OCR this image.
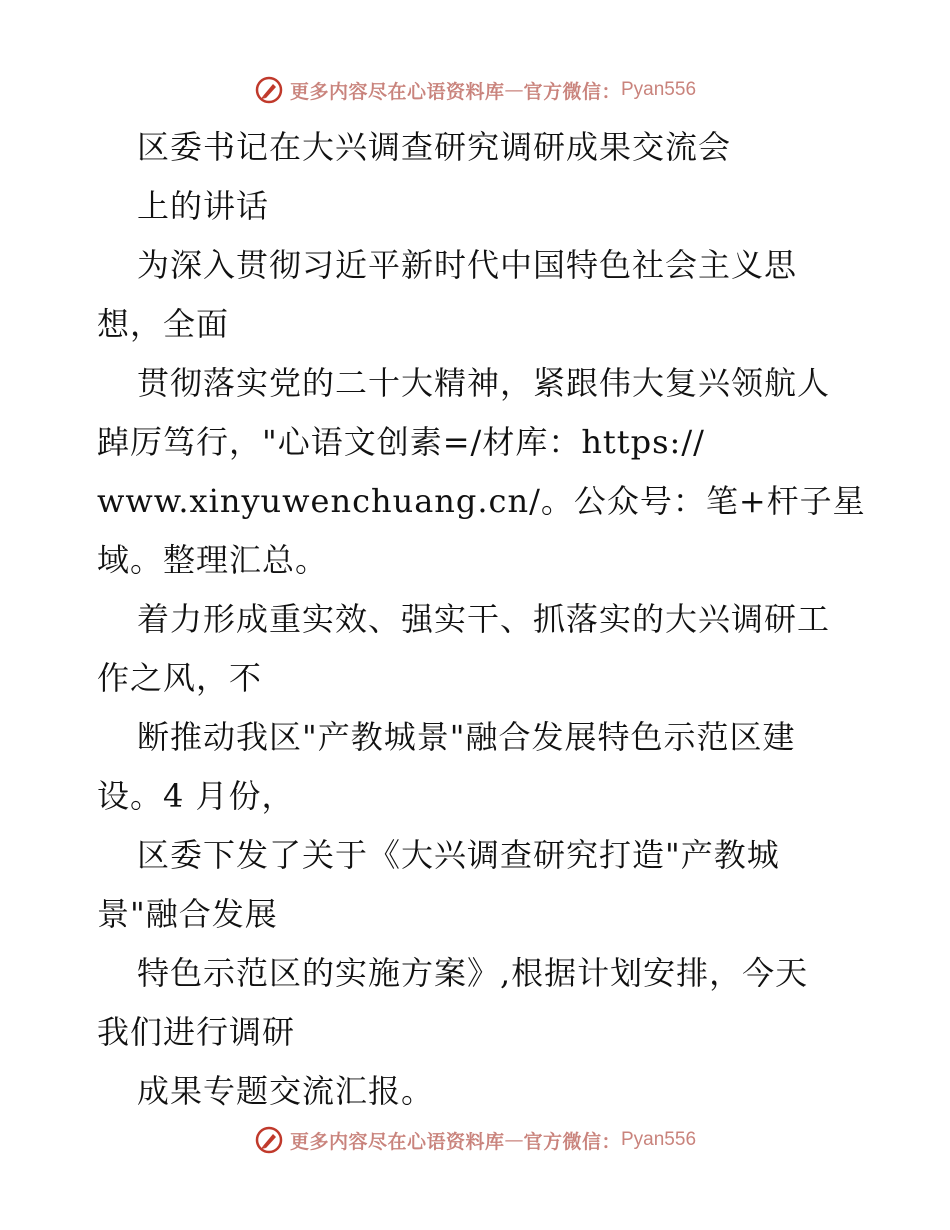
更多内容尽在心语资料库 — 官方微信： Pyan556
区委书记在大兴调查研究调研成果交流会
上的讲话
为深入贯彻习近平新时代中国特色社会主义思
想，全面
贯彻落实党的二十大精神，紧跟伟大复兴领航人
踔厉笃行，"心语文创素=/材库：https://
www.xinyuwenchuang.cn/。公众号：笔+杆子星
域。整理汇总。
着力形成重实效、强实干、抓落实的大兴调研工
作之风，不
断推动我区"产教城景"融合发展特色示范区建
设。4 月份，
区委下发了关于《大兴调查研究打造"产教城
景"融合发展
特色示范区的实施方案》,根据计划安排，今天
我们进行调研
成果专题交流汇报。
更多内容尽在心语资料库 — 官方微信： Pyan556
